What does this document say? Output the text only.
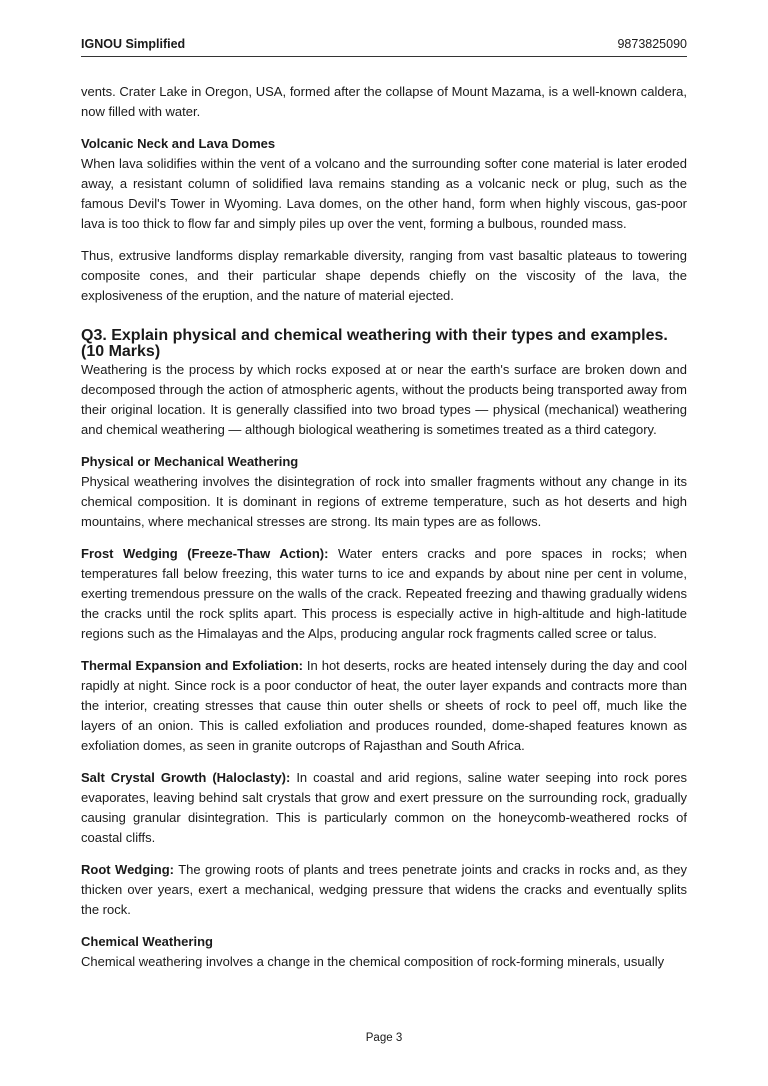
IGNOU Simplified	9873825090

vents. Crater Lake in Oregon, USA, formed after the collapse of Mount Mazama, is a well-known caldera, now filled with water.

Volcanic Neck and Lava Domes

When lava solidifies within the vent of a volcano and the surrounding softer cone material is later eroded away, a resistant column of solidified lava remains standing as a volcanic neck or plug, such as the famous Devil's Tower in Wyoming. Lava domes, on the other hand, form when highly viscous, gas-poor lava is too thick to flow far and simply piles up over the vent, forming a bulbous, rounded mass.

Thus, extrusive landforms display remarkable diversity, ranging from vast basaltic plateaus to towering composite cones, and their particular shape depends chiefly on the viscosity of the lava, the explosiveness of the eruption, and the nature of material ejected.

Q3. Explain physical and chemical weathering with their types and examples. (10 Marks)

Weathering is the process by which rocks exposed at or near the earth's surface are broken down and decomposed through the action of atmospheric agents, without the products being transported away from their original location. It is generally classified into two broad types — physical (mechanical) weathering and chemical weathering — although biological weathering is sometimes treated as a third category.

Physical or Mechanical Weathering

Physical weathering involves the disintegration of rock into smaller fragments without any change in its chemical composition. It is dominant in regions of extreme temperature, such as hot deserts and high mountains, where mechanical stresses are strong. Its main types are as follows.

Frost Wedging (Freeze-Thaw Action): Water enters cracks and pore spaces in rocks; when temperatures fall below freezing, this water turns to ice and expands by about nine per cent in volume, exerting tremendous pressure on the walls of the crack. Repeated freezing and thawing gradually widens the cracks until the rock splits apart. This process is especially active in high-altitude and high-latitude regions such as the Himalayas and the Alps, producing angular rock fragments called scree or talus.

Thermal Expansion and Exfoliation: In hot deserts, rocks are heated intensely during the day and cool rapidly at night. Since rock is a poor conductor of heat, the outer layer expands and contracts more than the interior, creating stresses that cause thin outer shells or sheets of rock to peel off, much like the layers of an onion. This is called exfoliation and produces rounded, dome-shaped features known as exfoliation domes, as seen in granite outcrops of Rajasthan and South Africa.

Salt Crystal Growth (Haloclasty): In coastal and arid regions, saline water seeping into rock pores evaporates, leaving behind salt crystals that grow and exert pressure on the surrounding rock, gradually causing granular disintegration. This is particularly common on the honeycomb-weathered rocks of coastal cliffs.

Root Wedging: The growing roots of plants and trees penetrate joints and cracks in rocks and, as they thicken over years, exert a mechanical, wedging pressure that widens the cracks and eventually splits the rock.

Chemical Weathering

Chemical weathering involves a change in the chemical composition of rock-forming minerals, usually

Page 3
